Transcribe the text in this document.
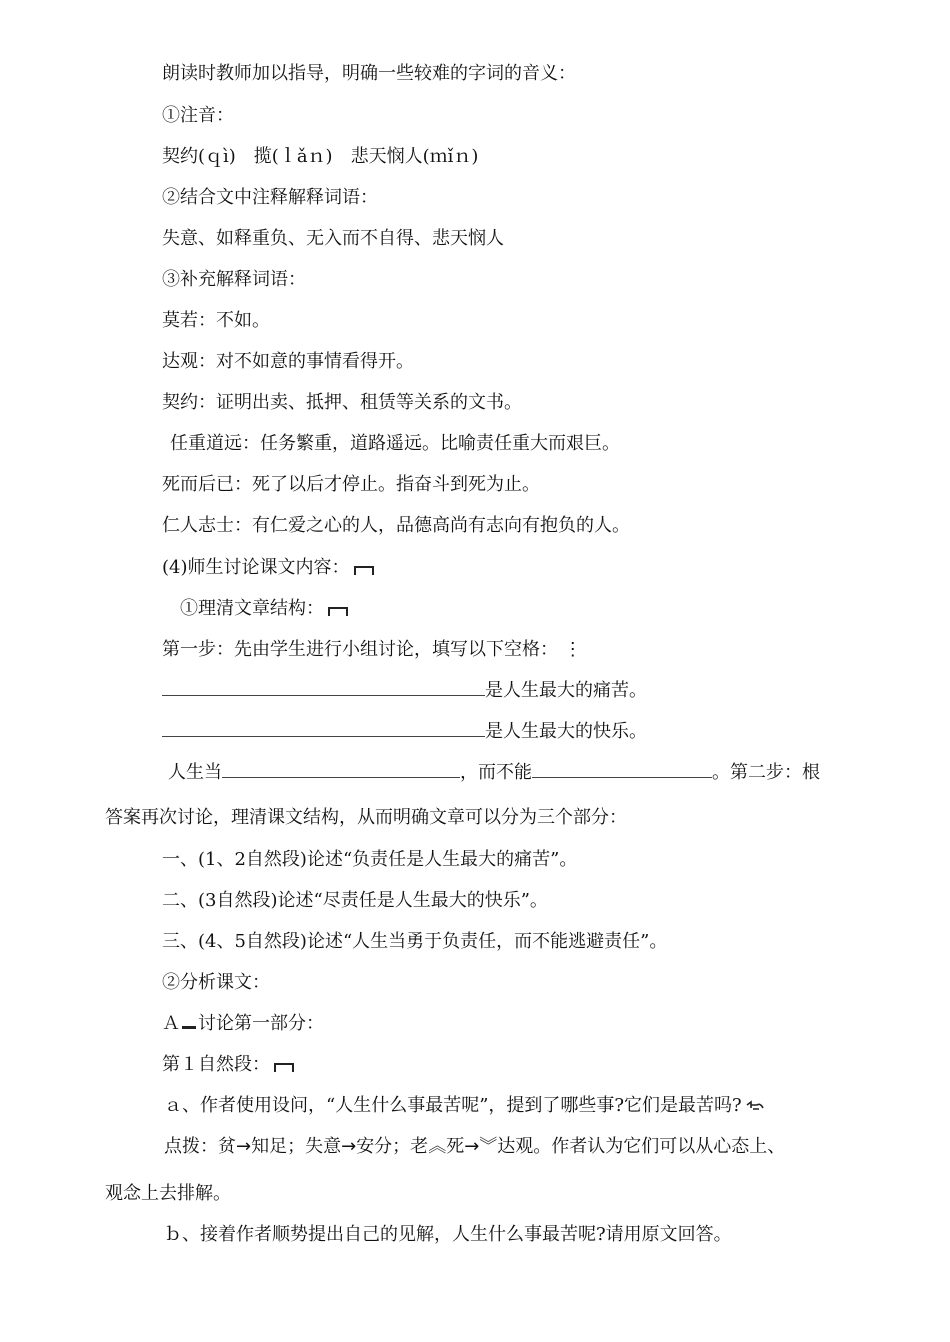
朗读时教师加以指导，明确一些较难的字词的音义：
①注音：
契约(ｑì)　揽(ｌǎｎ)　悲天悯人(ｍǐｎ)
②结合文中注释解释词语：
失意、如释重负、无入而不自得、悲天悯人
③补充解释词语：
莫若：不如。
达观：对不如意的事情看得开。
契约：证明出卖、抵押、租赁等关系的文书。
任重道远：任务繁重，道路遥远。比喻责任重大而艰巨。
死而后已：死了以后才停止。指奋斗到死为止。
仁人志士：有仁爱之心的人，品德高尚有志向有抱负的人。
(4)师生讨论课文内容：
①理清文章结构：
第一步：先由学生进行小组讨论，填写以下空格： ⋮
是人生最大的痛苦。
是人生最大的快乐。
人生当	，而不能	。第二步：根
答案再次讨论，理清课文结构，从而明确文章可以分为三个部分：
一、(1、2自然段)论述“负责任是人生最大的痛苦”。
二、(3自然段)论述“尽责任是人生最大的快乐”。
三、(4、5自然段)论述“人生当勇于负责任，而不能逃避责任”。
②分析课文：
Ａ 讨论第一部分：
第１自然段：
ａ、作者使用设问，“人生什么事最苦呢”，提到了哪些事?它们是最苦吗?
点拨：贫→知足；失意→安分；老︽死→︾达观。作者认为它们可以从心态上、
观念上去排解。
ｂ、接着作者顺势提出自己的见解，人生什么事最苦呢?请用原文回答。
